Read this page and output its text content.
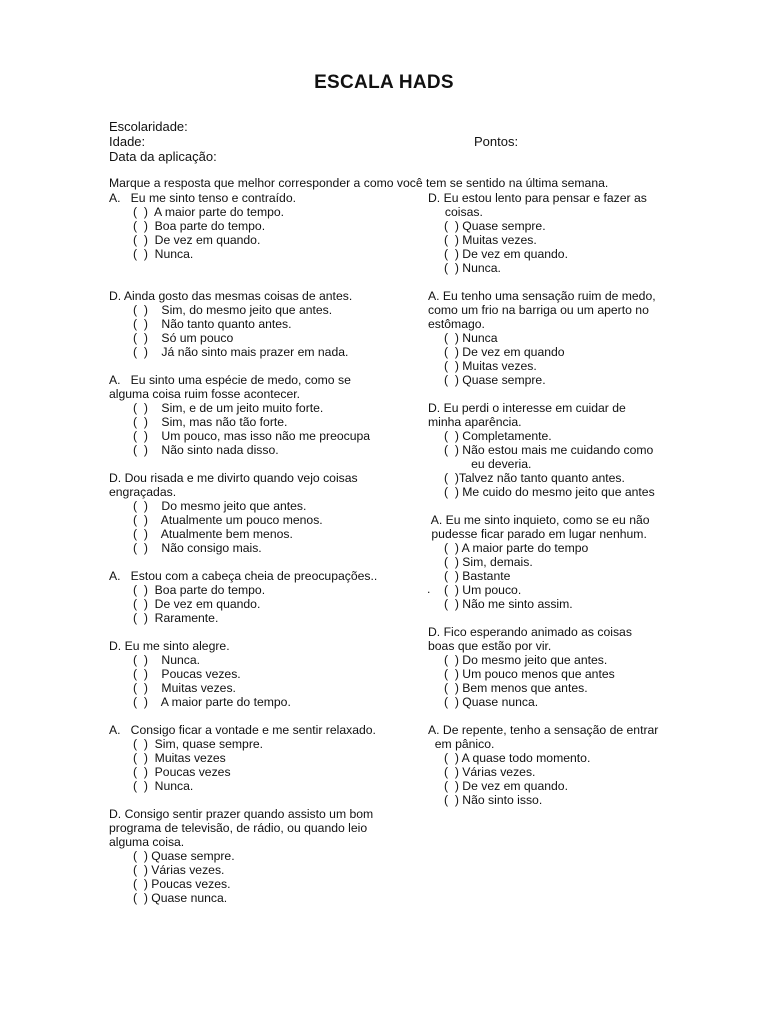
ESCALA HADS
Escolaridade:
Idade:	Pontos:
Data da aplicação:
Marque a resposta que melhor corresponder a como você tem se sentido na última semana.
A.   Eu me sinto tenso e contraído.
(  )  A maior parte do tempo.
(  )  Boa parte do tempo.
(  )  De vez em quando.
(  )  Nunca.
D. Ainda gosto das mesmas coisas de antes.
(  )    Sim, do mesmo jeito que antes.
(  )    Não tanto quanto antes.
(  )    Só um pouco
(  )    Já não sinto mais prazer em nada.
A.   Eu sinto uma espécie de medo, como se
alguma coisa ruim fosse acontecer.
(  )    Sim, e de um jeito muito forte.
(  )    Sim, mas não tão forte.
(  )    Um pouco, mas isso não me preocupa
(  )    Não sinto nada disso.
D. Dou risada e me divirto quando vejo coisas
engraçadas.
(  )    Do mesmo jeito que antes.
(  )    Atualmente um pouco menos.
(  )    Atualmente bem menos.
(  )    Não consigo mais.
A.   Estou com a cabeça cheia de preocupações..
(  )  Boa parte do tempo.
(  )  De vez em quando.
(  )  Raramente.
D. Eu me sinto alegre.
(  )    Nunca.
(  )    Poucas vezes.
(  )    Muitas vezes.
(  )    A maior parte do tempo.
A.   Consigo ficar a vontade e me sentir relaxado.
(  )  Sim, quase sempre.
(  )  Muitas vezes
(  )  Poucas vezes
(  )  Nunca.
D. Consigo sentir prazer quando assisto um bom
programa de televisão, de rádio, ou quando leio
alguma coisa.
(  ) Quase sempre.
(  ) Várias vezes.
(  ) Poucas vezes.
(  ) Quase nunca.
D. Eu estou lento para pensar e fazer as
coisas.
(  ) Quase sempre.
(  ) Muitas vezes.
(  ) De vez em quando.
(  ) Nunca.
A. Eu tenho uma sensação ruim de medo,
como um frio na barriga ou um aperto no
estômago.
(  ) Nunca
(  ) De vez em quando
(  ) Muitas vezes.
(  ) Quase sempre.
D. Eu perdi o interesse em cuidar de
minha aparência.
(  ) Completamente.
(  ) Não estou mais me cuidando como
eu deveria.
(  )Talvez não tanto quanto antes.
(  ) Me cuido do mesmo jeito que antes
A. Eu me sinto inquieto, como se eu não
pudesse ficar parado em lugar nenhum.
(  ) A maior parte do tempo
(  ) Sim, demais.
(  ) Bastante
(  ) Um pouco.
(  ) Não me sinto assim.
D. Fico esperando animado as coisas
boas que estão por vir.
(  ) Do mesmo jeito que antes.
(  ) Um pouco menos que antes
(  ) Bem menos que antes.
(  ) Quase nunca.
A. De repente, tenho a sensação de entrar
em pânico.
(  ) A quase todo momento.
(  ) Várias vezes.
(  ) De vez em quando.
(  ) Não sinto isso.
.
